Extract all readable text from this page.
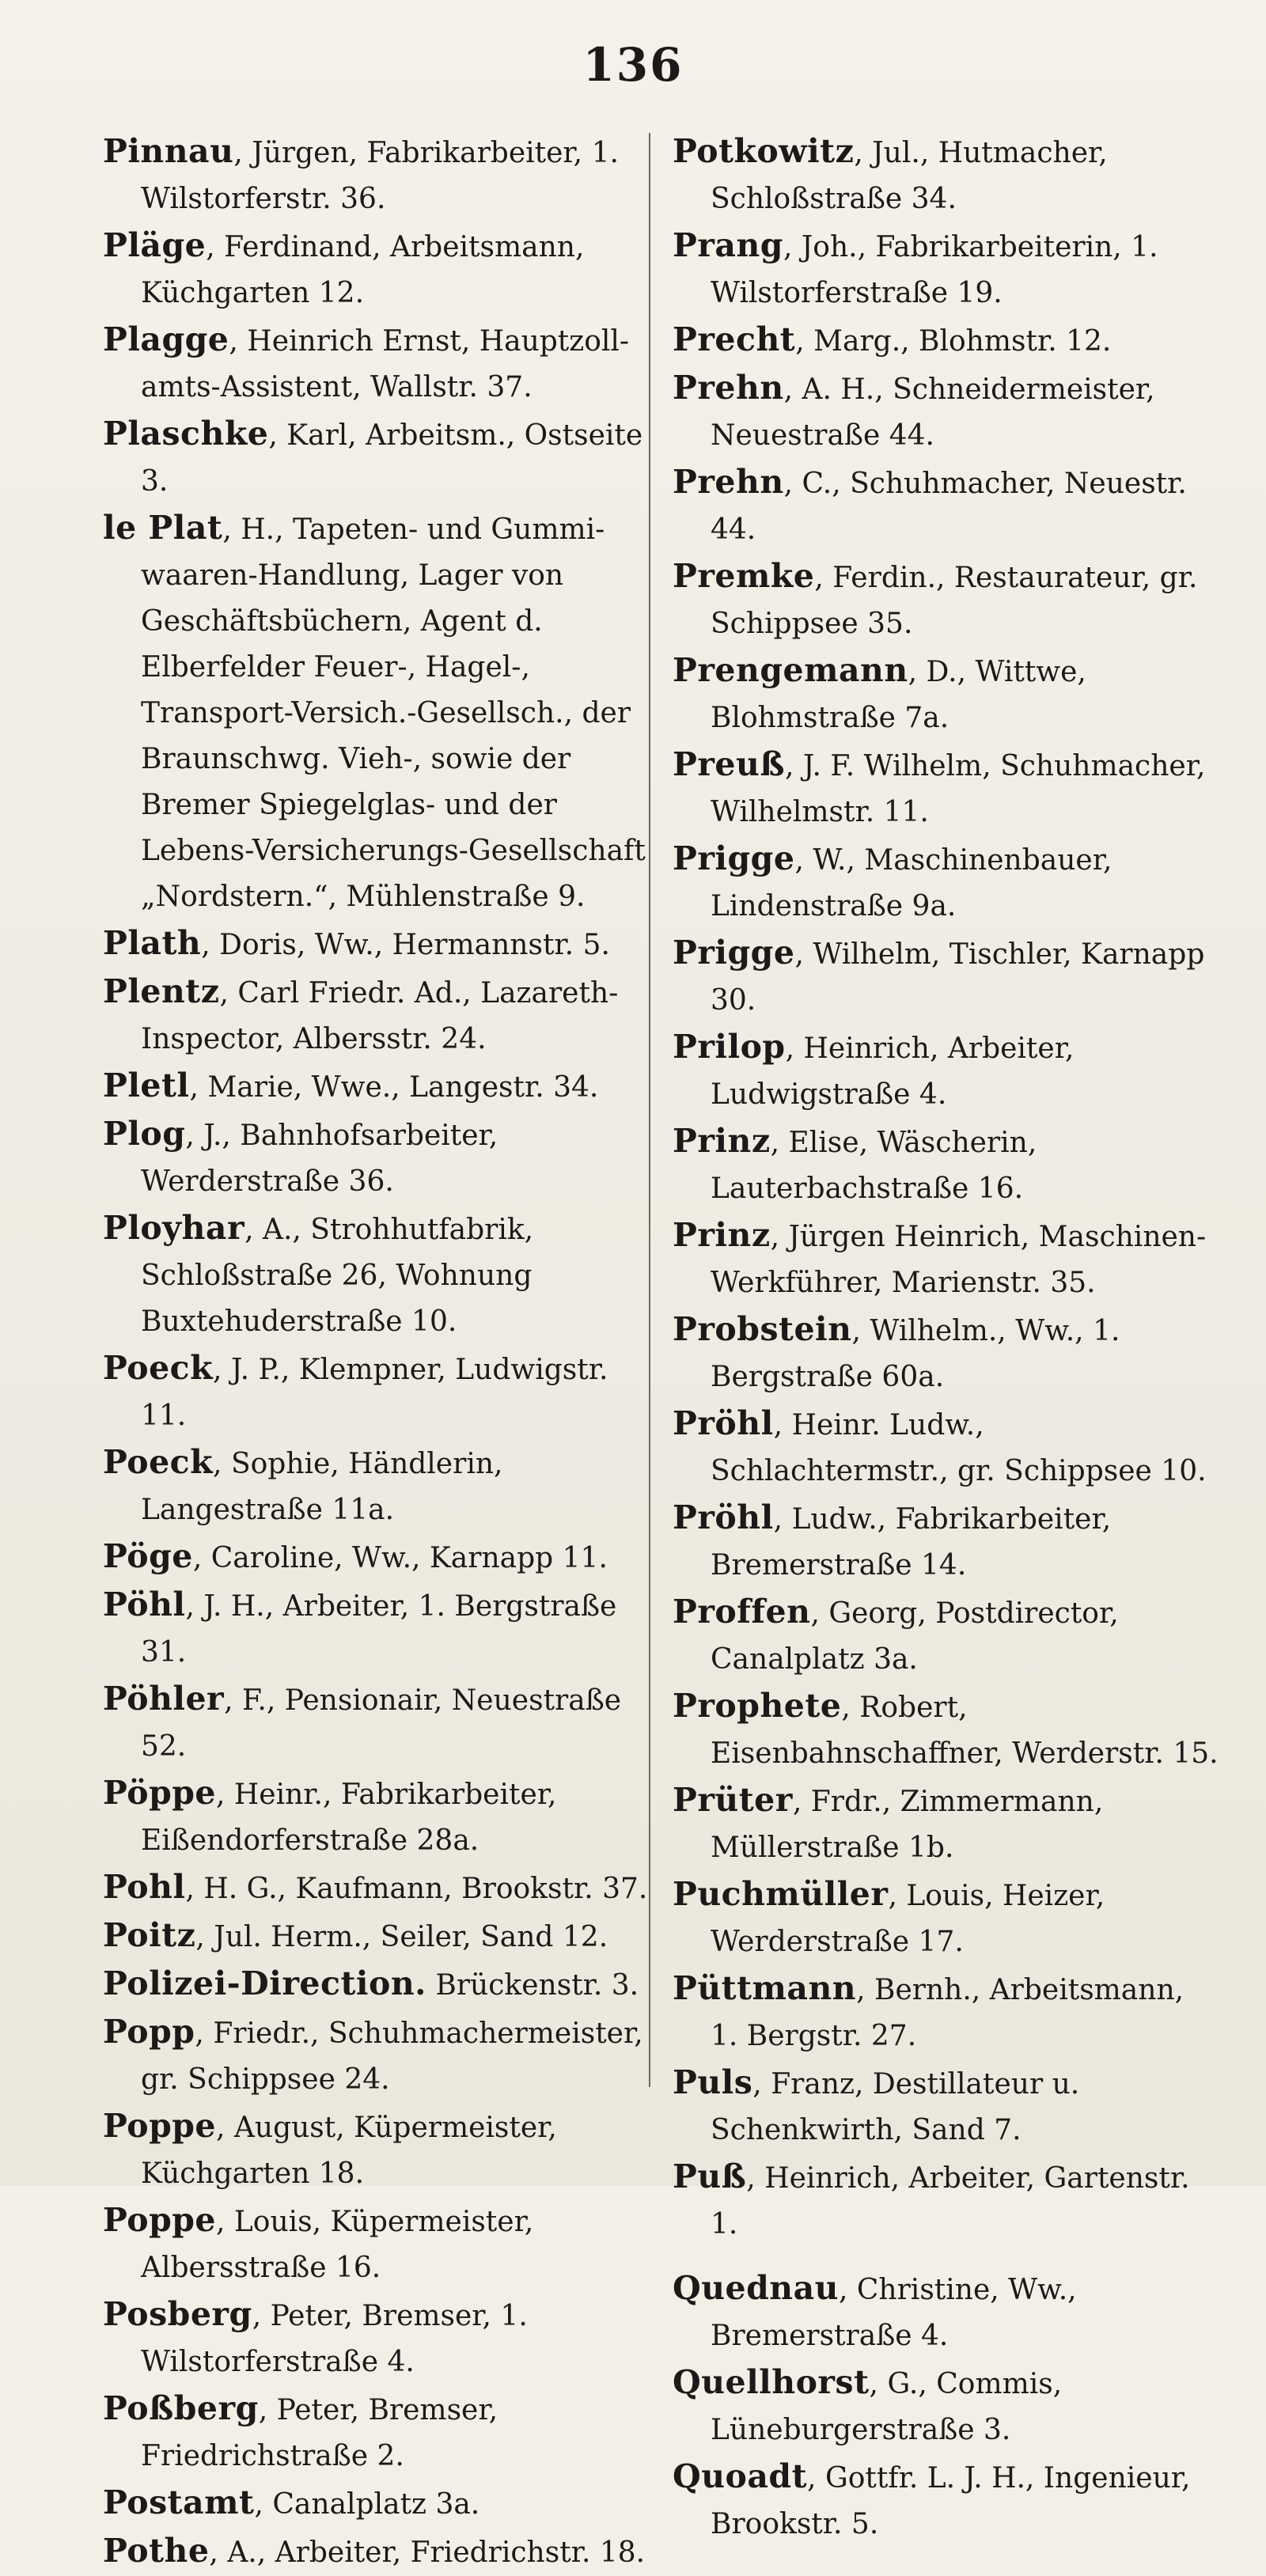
136

Pinnau, Jürgen, Fabrikarbeiter, 1. Wilstorferstr. 36.

Pläge, Ferdinand, Arbeitsmann, Küchgarten 12.

Plagge, Heinrich Ernst, Hauptzoll-amts-Assistent, Wallstr. 37.

Plaschke, Karl, Arbeitsm., Ostseite 3.

le Plat, H., Tapeten- und Gummi-waaren-Handlung, Lager von Geschäftsbüchern, Agent d. Elberfelder Feuer-, Hagel-, Transport-Versich.-Gesellsch., der Braunschwg. Vieh-, sowie der Bremer Spiegelglas- und der Lebens-Versicherungs-Gesellschaft „Nordstern.“, Mühlenstraße 9.

Plath, Doris, Ww., Hermannstr. 5.

Plentz, Carl Friedr. Ad., Lazareth-Inspector, Albersstr. 24.

Pletl, Marie, Wwe., Langestr. 34.

Plog, J., Bahnhofsarbeiter, Werderstraße 36.

Ployhar, A., Strohhutfabrik, Schloßstraße 26, Wohnung Buxtehuderstraße 10.

Poeck, J. P., Klempner, Ludwigstr. 11.

Poeck, Sophie, Händlerin, Langestraße 11a.

Pöge, Caroline, Ww., Karnapp 11.

Pöhl, J. H., Arbeiter, 1. Bergstraße 31.

Pöhler, F., Pensionair, Neuestraße 52.

Pöppe, Heinr., Fabrikarbeiter, Eißendorferstraße 28a.

Pohl, H. G., Kaufmann, Brookstr. 37.

Poitz, Jul. Herm., Seiler, Sand 12.

Polizei-Direction. Brückenstr. 3.

Popp, Friedr., Schuhmachermeister, gr. Schippsee 24.

Poppe, August, Küpermeister, Küchgarten 18.

Poppe, Louis, Küpermeister, Albersstraße 16.

Posberg, Peter, Bremser, 1. Wilstorferstraße 4.

Poßberg, Peter, Bremser, Friedrichstraße 2.

Postamt, Canalplatz 3a.

Pothe, A., Arbeiter, Friedrichstr. 18.

Potkowitz, Jul., Hutmacher, Schloßstraße 34.

Prang, Joh., Fabrikarbeiterin, 1. Wilstorferstraße 19.

Precht, Marg., Blohmstr. 12.

Prehn, A. H., Schneidermeister, Neuestraße 44.

Prehn, C., Schuhmacher, Neuestr. 44.

Premke, Ferdin., Restaurateur, gr. Schippsee 35.

Prengemann, D., Wittwe, Blohmstraße 7a.

Preuß, J. F. Wilhelm, Schuhmacher, Wilhelmstr. 11.

Prigge, W., Maschinenbauer, Lindenstraße 9a.

Prigge, Wilhelm, Tischler, Karnapp 30.

Prilop, Heinrich, Arbeiter, Ludwigstraße 4.

Prinz, Elise, Wäscherin, Lauterbachstraße 16.

Prinz, Jürgen Heinrich, Maschinen-Werkführer, Marienstr. 35.

Probstein, Wilhelm., Ww., 1. Bergstraße 60a.

Pröhl, Heinr. Ludw., Schlachtermstr., gr. Schippsee 10.

Pröhl, Ludw., Fabrikarbeiter, Bremerstraße 14.

Proffen, Georg, Postdirector, Canalplatz 3a.

Prophete, Robert, Eisenbahnschaffner, Werderstr. 15.

Prüter, Frdr., Zimmermann, Müllerstraße 1b.

Puchmüller, Louis, Heizer, Werderstraße 17.

Püttmann, Bernh., Arbeitsmann, 1. Bergstr. 27.

Puls, Franz, Destillateur u. Schenkwirth, Sand 7.

Puß, Heinrich, Arbeiter, Gartenstr. 1.

Quednau, Christine, Ww., Bremerstraße 4.

Quellhorst, G., Commis, Lüneburgerstraße 3.

Quoadt, Gottfr. L. J. H., Ingenieur, Brookstr. 5.
